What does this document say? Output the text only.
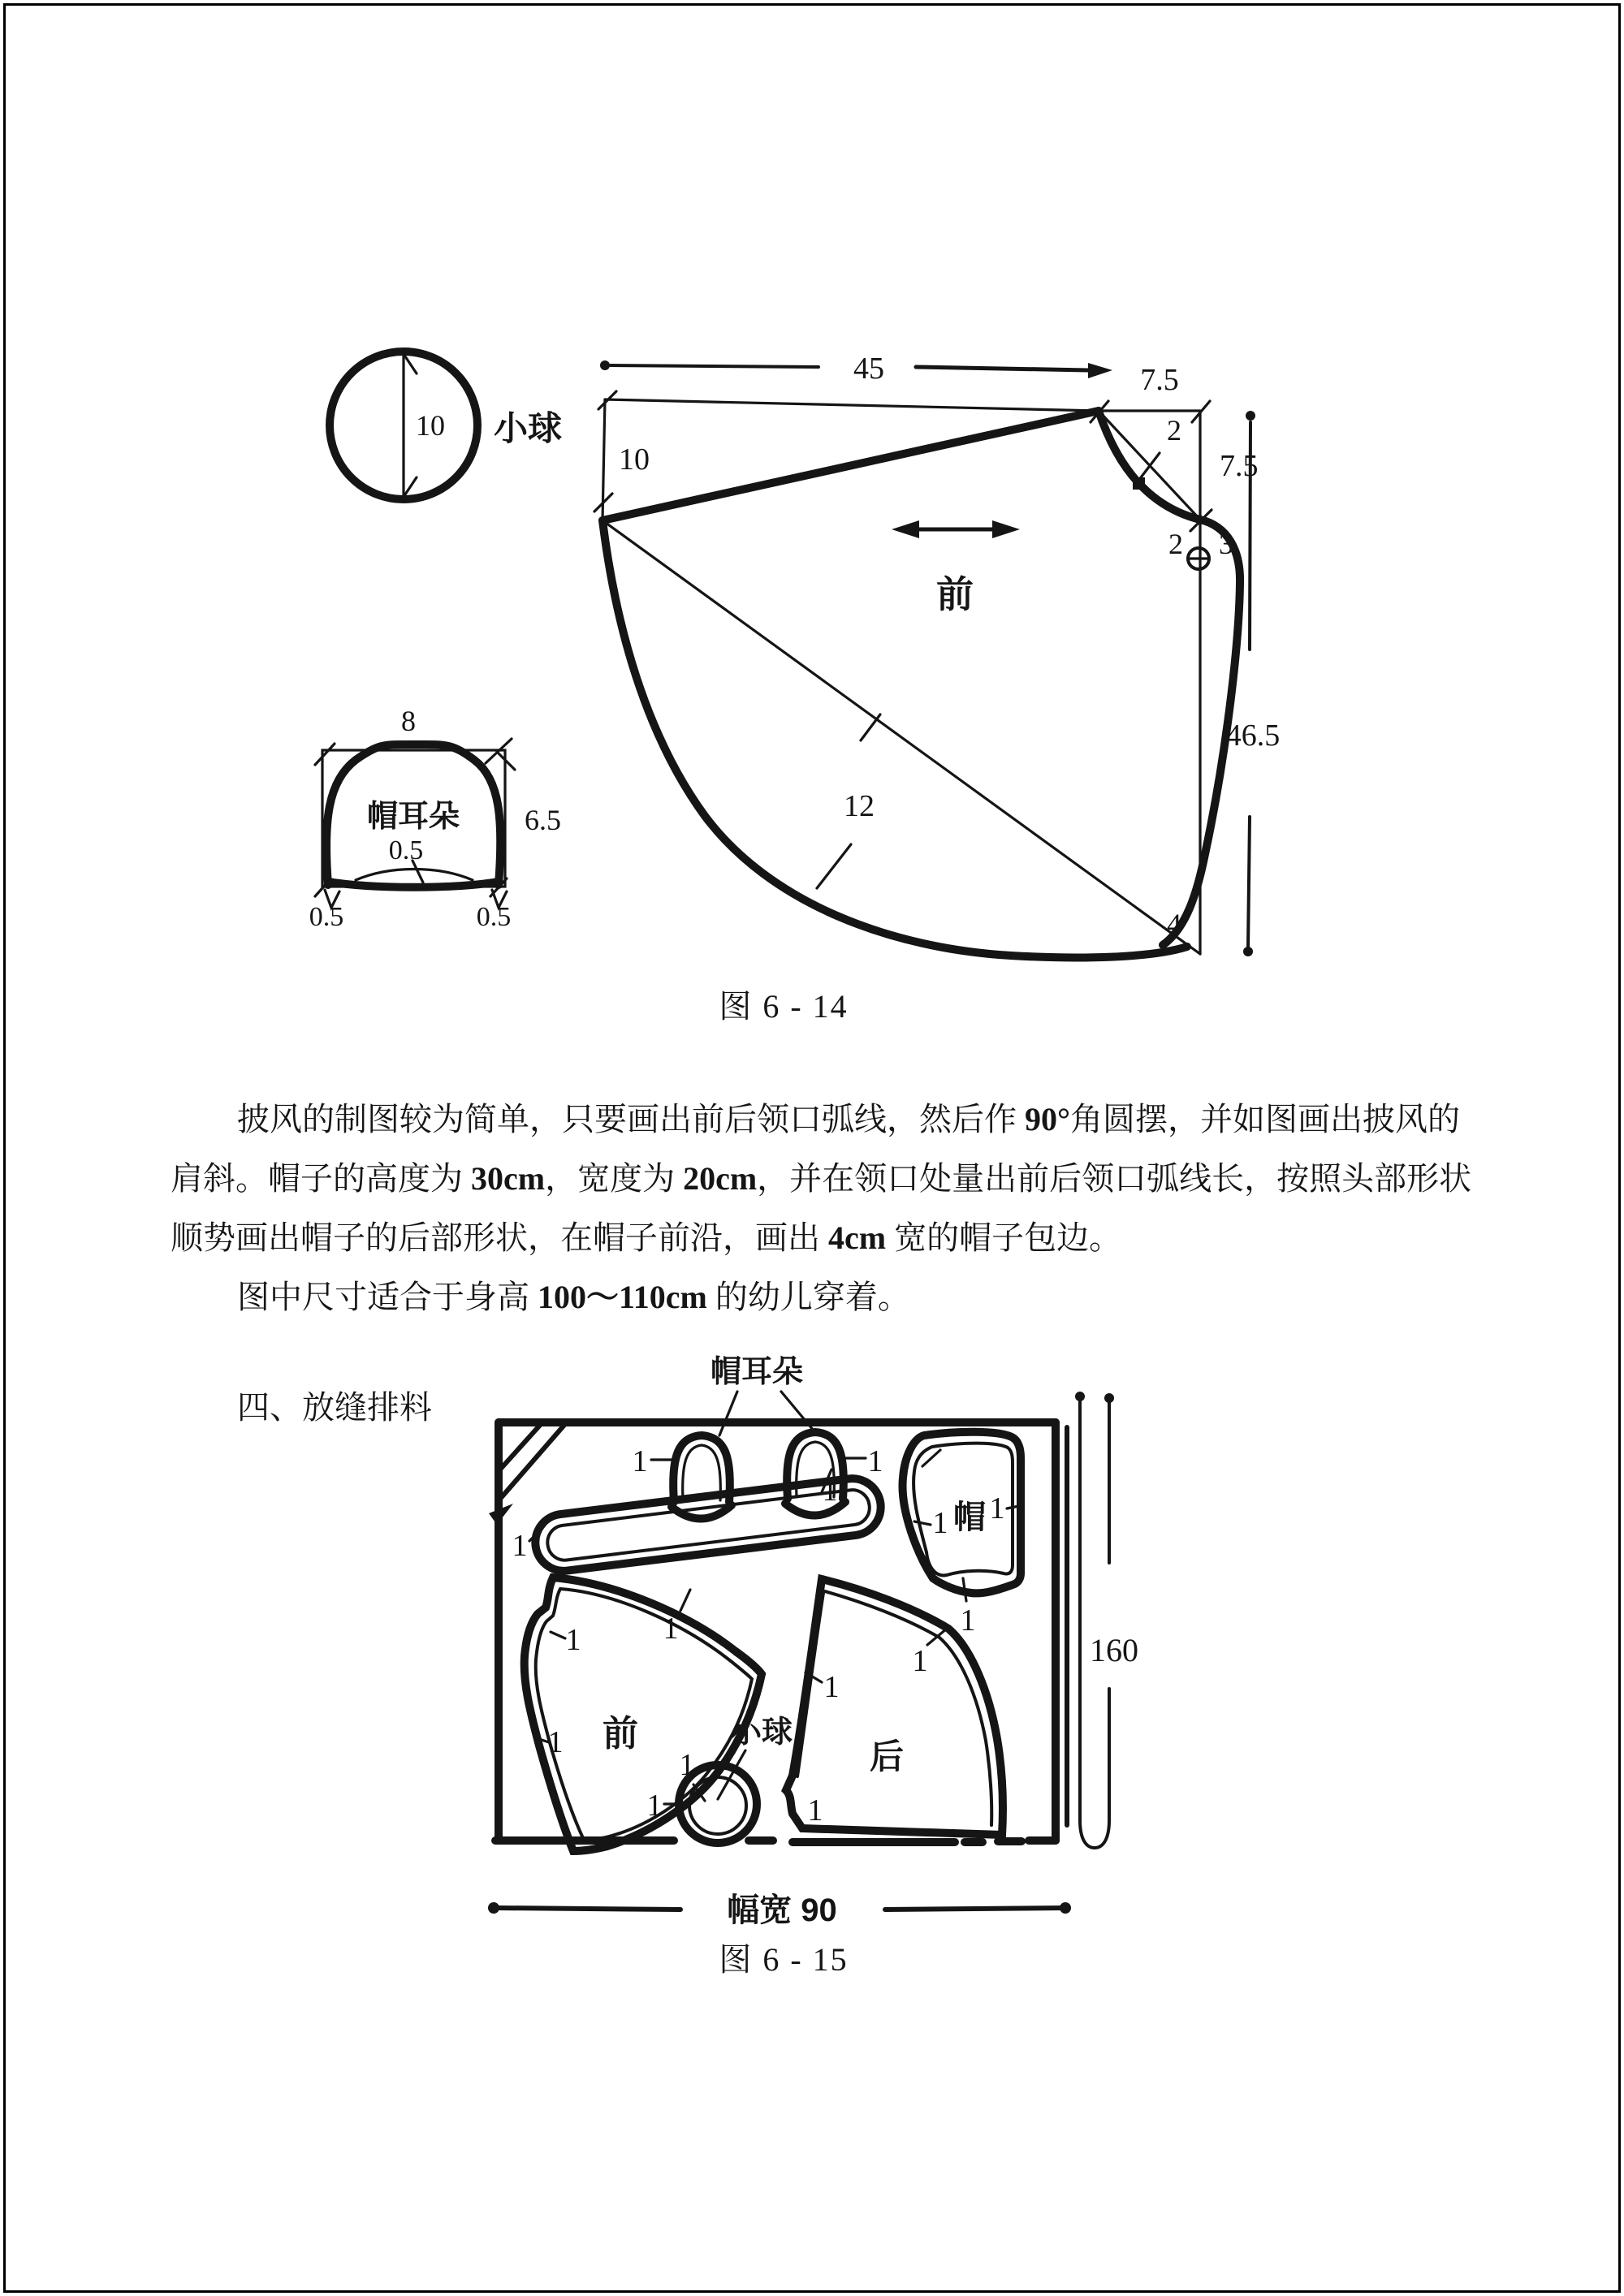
10 小球
8
6.5
帽耳朵
0.5
0.5	0.5
45
10
7.5
7.5
2
2 3
12
4
46.5
前
图 6 - 14
披风的制图较为简单，只要画出前后领口弧线，然后作 90°角圆摆，并如图画出披风的
肩斜。帽子的高度为 30cm，宽度为 20cm，并在领口处量出前后领口弧线长，按照头部形状
顺势画出帽子的后部形状，在帽子前沿，画出 4cm 宽的帽子包边。
图中尺寸适合于身高 100～110cm 的幼儿穿着。
四、放缝排料
帽耳朵
1	1
1
1
帽
1 1
1
前
1
1
1
1
小球
1
后
1
1
1
160
幅宽 90
图 6 - 15
